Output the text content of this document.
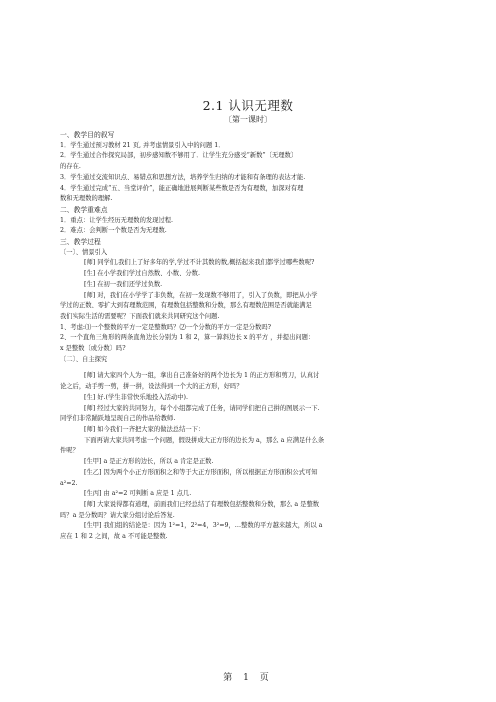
2.1 认识无理数
〔第一课时〕

一、教学目的叙写

1．学生通过预习教材 21 页, 并考虑情景引入中的问题 1．

2．学生通过合作探究局部，初步感知数不够用了．让学生充分感受“新数”〔无理数〕

的存在.

3．学生通过交流知识点、易错点和思想方法，培养学生归纳的才能和有条理的表达才能.

4．学生通过完成“五、当堂评价”，能正确地进展判断某些数是否为有理数，加深对有理

数和无理数的理解.

二、教学重难点

1．重点：让学生经历无理数的发现过程.

2．难点：会判断一个数是否为无理数.

三、教学过程

〔一〕、情景引入

[师] 同学们,我们上了好多年的学,学过不计其数的数,概括起来我们都学过哪些数呢?

[生] 在小学我们学过自然数、小数、分数.

[生] 在初一我们还学过负数.

[师] 对，我们在小学学了非负数，在初一发现数不够用了，引入了负数，即把从小学

学过的正数、零扩大到有理数范围，有理数包括整数和分数，那么有理数范围是否就能满足

我们实际生活的需要呢？下面我们就来共同研究这个问题.

1、考虑:⑴一个整数的平方一定是整数吗？⑵一个分数的平方一定是分数吗?

2、一个直角三角形的两条直角边长分别为 1 和 2，算一算斜边长 x 的平方 ，并提出问题：

x 是整数〔或分数〕吗?

〔二〕、自主探究

[师] 请大家四个人为一组，拿出自己准备好的两个边长为 1 的正方形和剪刀，认真讨

论之后，动手剪一剪，拼一拼，设法得到一个大的正方形，好吗？

[生] 好.(学生非常快乐地投入活动中).

[师] 经过大家的共同努力，每个小组都完成了任务，请同学们把自己拼的图展示一下.

同学们非常踊跃地呈现自己的作品给教师.

[师] 如今我们一齐把大家的做法总结一下：

下面再请大家共同考虑一个问题，假设拼成大正方形的边长为 a，那么 a 应满足什么条

件呢？

[生甲] a 是正方形的边长，所以 a 肯定是正数.

[生乙] 因为两个小正方形面积之和等于大正方形面积，所以根据正方形面积公式可知

a²=2.

[生丙] 由 a²=2 可判断 a 应是 1 点几.

[师] 大家说得都有道理，前面我们已经总结了有理数包括整数和分数，那么 a 是整数

吗？a 是分数吗？请大家分组讨论后答复.

[生甲] 我们组的结论是：因为 1²=1，2²=4，3²=9，…整数的平方越来越大，所以 a

应在 1 和 2 之间，故 a 不可能是整数.

第 1 页
